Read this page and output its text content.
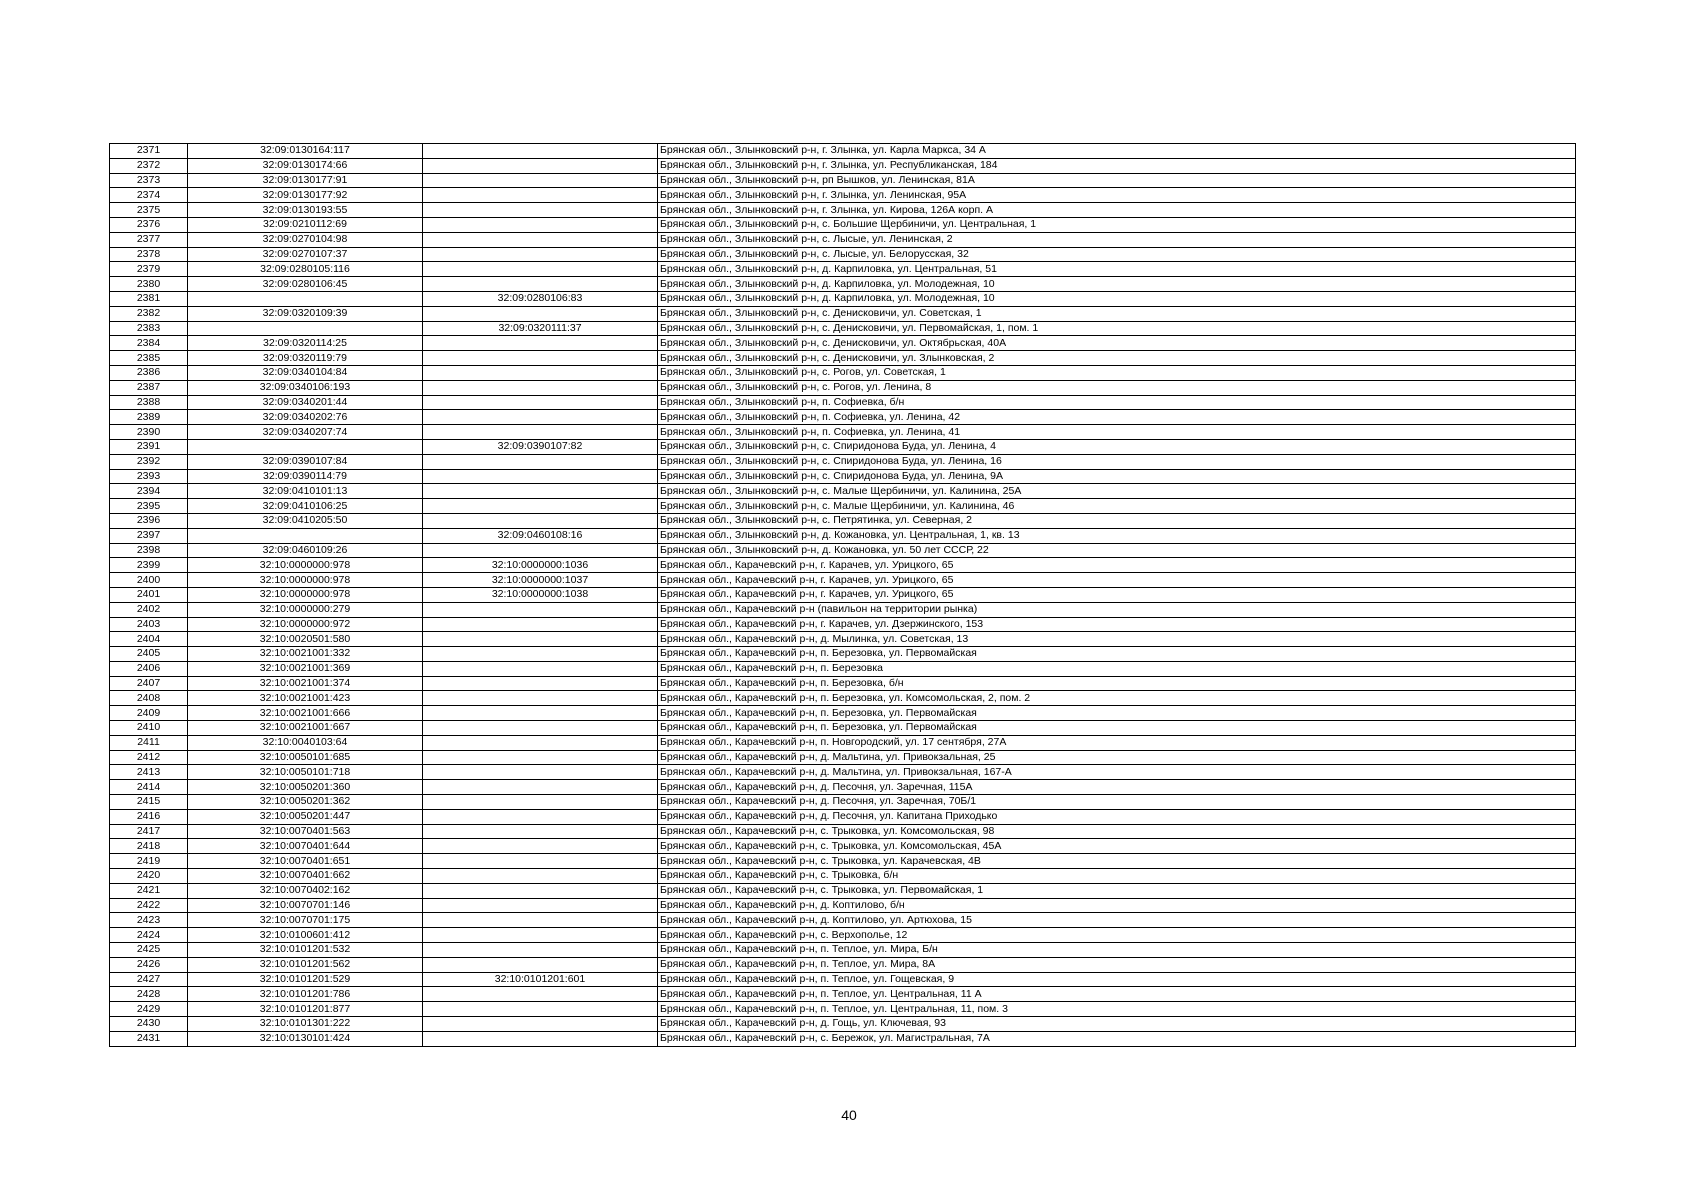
2371	32:09:0130164:117		Брянская обл., Злынковский р-н, г. Злынка, ул. Карла Маркса, 34 А
2372	32:09:0130174:66		Брянская обл., Злынковский р-н, г. Злынка, ул. Республиканская, 184
2373	32:09:0130177:91		Брянская обл., Злынковский р-н, рп Вышков, ул. Ленинская, 81А
2374	32:09:0130177:92		Брянская обл., Злынковский р-н, г. Злынка, ул. Ленинская, 95А
2375	32:09:0130193:55		Брянская обл., Злынковский р-н, г. Злынка, ул. Кирова, 126А корп. А
2376	32:09:0210112:69		Брянская обл., Злынковский р-н, с. Большие Щербиничи, ул. Центральная, 1
2377	32:09:0270104:98		Брянская обл., Злынковский р-н, с. Лысые, ул. Ленинская, 2
2378	32:09:0270107:37		Брянская обл., Злынковский р-н, с. Лысые, ул. Белорусская, 32
2379	32:09:0280105:116		Брянская обл., Злынковский р-н, д. Карпиловка, ул. Центральная, 51
2380	32:09:0280106:45		Брянская обл., Злынковский р-н, д. Карпиловка, ул. Молодежная, 10
2381		32:09:0280106:83	Брянская обл., Злынковский р-н, д. Карпиловка, ул. Молодежная, 10
2382	32:09:0320109:39		Брянская обл., Злынковский р-н, с. Денисковичи, ул. Советская, 1
2383		32:09:0320111:37	Брянская обл., Злынковский р-н, с. Денисковичи, ул. Первомайская, 1, пом. 1
2384	32:09:0320114:25		Брянская обл., Злынковский р-н, с. Денисковичи, ул. Октябрьская, 40А
2385	32:09:0320119:79		Брянская обл., Злынковский р-н, с. Денисковичи, ул. Злынковская, 2
2386	32:09:0340104:84		Брянская обл., Злынковский р-н, с. Рогов, ул. Советская, 1
2387	32:09:0340106:193		Брянская обл., Злынковский р-н, с. Рогов, ул. Ленина, 8
2388	32:09:0340201:44		Брянская обл., Злынковский р-н, п. Софиевка, б/н
2389	32:09:0340202:76		Брянская обл., Злынковский р-н, п. Софиевка, ул. Ленина, 42
2390	32:09:0340207:74		Брянская обл., Злынковский р-н, п. Софиевка, ул. Ленина, 41
2391		32:09:0390107:82	Брянская обл., Злынковский р-н, с. Спиридонова Буда, ул. Ленина, 4
2392	32:09:0390107:84		Брянская обл., Злынковский р-н, с. Спиридонова Буда, ул. Ленина, 16
2393	32:09:0390114:79		Брянская обл., Злынковский р-н, с. Спиридонова Буда, ул. Ленина, 9А
2394	32:09:0410101:13		Брянская обл., Злынковский р-н, с. Малые Щербиничи, ул. Калинина, 25А
2395	32:09:0410106:25		Брянская обл., Злынковский р-н, с. Малые Щербиничи, ул. Калинина, 46
2396	32:09:0410205:50		Брянская обл., Злынковский р-н, с. Петрятинка, ул. Северная, 2
2397		32:09:0460108:16	Брянская обл., Злынковский р-н, д. Кожановка, ул. Центральная, 1, кв. 13
2398	32:09:0460109:26		Брянская обл., Злынковский р-н, д. Кожановка, ул. 50 лет СССР, 22
2399	32:10:0000000:978	32:10:0000000:1036	Брянская обл., Карачевский р-н, г. Карачев, ул. Урицкого, 65
2400	32:10:0000000:978	32:10:0000000:1037	Брянская обл., Карачевский р-н, г. Карачев, ул. Урицкого, 65
2401	32:10:0000000:978	32:10:0000000:1038	Брянская обл., Карачевский р-н, г. Карачев, ул. Урицкого, 65
2402	32:10:0000000:279		Брянская обл., Карачевский р-н (павильон на территории рынка)
2403	32:10:0000000:972		Брянская обл., Карачевский р-н, г. Карачев, ул. Дзержинского, 153
2404	32:10:0020501:580		Брянская обл., Карачевский р-н, д. Мылинка, ул. Советская, 13
2405	32:10:0021001:332		Брянская обл., Карачевский р-н, п. Березовка, ул. Первомайская
2406	32:10:0021001:369		Брянская обл., Карачевский р-н, п. Березовка
2407	32:10:0021001:374		Брянская обл., Карачевский р-н, п. Березовка, б/н
2408	32:10:0021001:423		Брянская обл., Карачевский р-н, п. Березовка, ул. Комсомольская, 2, пом. 2
2409	32:10:0021001:666		Брянская обл., Карачевский р-н, п. Березовка, ул. Первомайская
2410	32:10:0021001:667		Брянская обл., Карачевский р-н, п. Березовка, ул. Первомайская
2411	32:10:0040103:64		Брянская обл., Карачевский р-н, п. Новгородский, ул. 17 сентября, 27А
2412	32:10:0050101:685		Брянская обл., Карачевский р-н, д. Мальтина, ул. Привокзальная, 25
2413	32:10:0050101:718		Брянская обл., Карачевский р-н, д. Мальтина, ул. Привокзальная, 167-А
2414	32:10:0050201:360		Брянская обл., Карачевский р-н, д. Песочня, ул. Заречная, 115А
2415	32:10:0050201:362		Брянская обл., Карачевский р-н, д. Песочня, ул. Заречная, 70Б/1
2416	32:10:0050201:447		Брянская обл., Карачевский р-н, д. Песочня, ул. Капитана Приходько
2417	32:10:0070401:563		Брянская обл., Карачевский р-н, с. Трыковка, ул. Комсомольская, 98
2418	32:10:0070401:644		Брянская обл., Карачевский р-н, с. Трыковка, ул. Комсомольская, 45А
2419	32:10:0070401:651		Брянская обл., Карачевский р-н, с. Трыковка, ул. Карачевская, 4В
2420	32:10:0070401:662		Брянская обл., Карачевский р-н, с. Трыковка, б/н
2421	32:10:0070402:162		Брянская обл., Карачевский р-н, с. Трыковка, ул. Первомайская, 1
2422	32:10:0070701:146		Брянская обл., Карачевский р-н, д. Коптилово, б/н
2423	32:10:0070701:175		Брянская обл., Карачевский р-н, д. Коптилово, ул. Артюхова, 15
2424	32:10:0100601:412		Брянская обл., Карачевский р-н, с. Верхополье, 12
2425	32:10:0101201:532		Брянская обл., Карачевский р-н, п. Теплое, ул. Мира, Б/н
2426	32:10:0101201:562		Брянская обл., Карачевский р-н, п. Теплое, ул. Мира, 8А
2427	32:10:0101201:529	32:10:0101201:601	Брянская обл., Карачевский р-н, п. Теплое, ул. Гощевская, 9
2428	32:10:0101201:786		Брянская обл., Карачевский р-н, п. Теплое, ул. Центральная, 11 А
2429	32:10:0101201:877		Брянская обл., Карачевский р-н, п. Теплое, ул. Центральная, 11, пом. 3
2430	32:10:0101301:222		Брянская обл., Карачевский р-н, д. Гощь, ул. Ключевая, 93
2431	32:10:0130101:424		Брянская обл., Карачевский р-н, с. Бережок, ул. Магистральная, 7А
40
